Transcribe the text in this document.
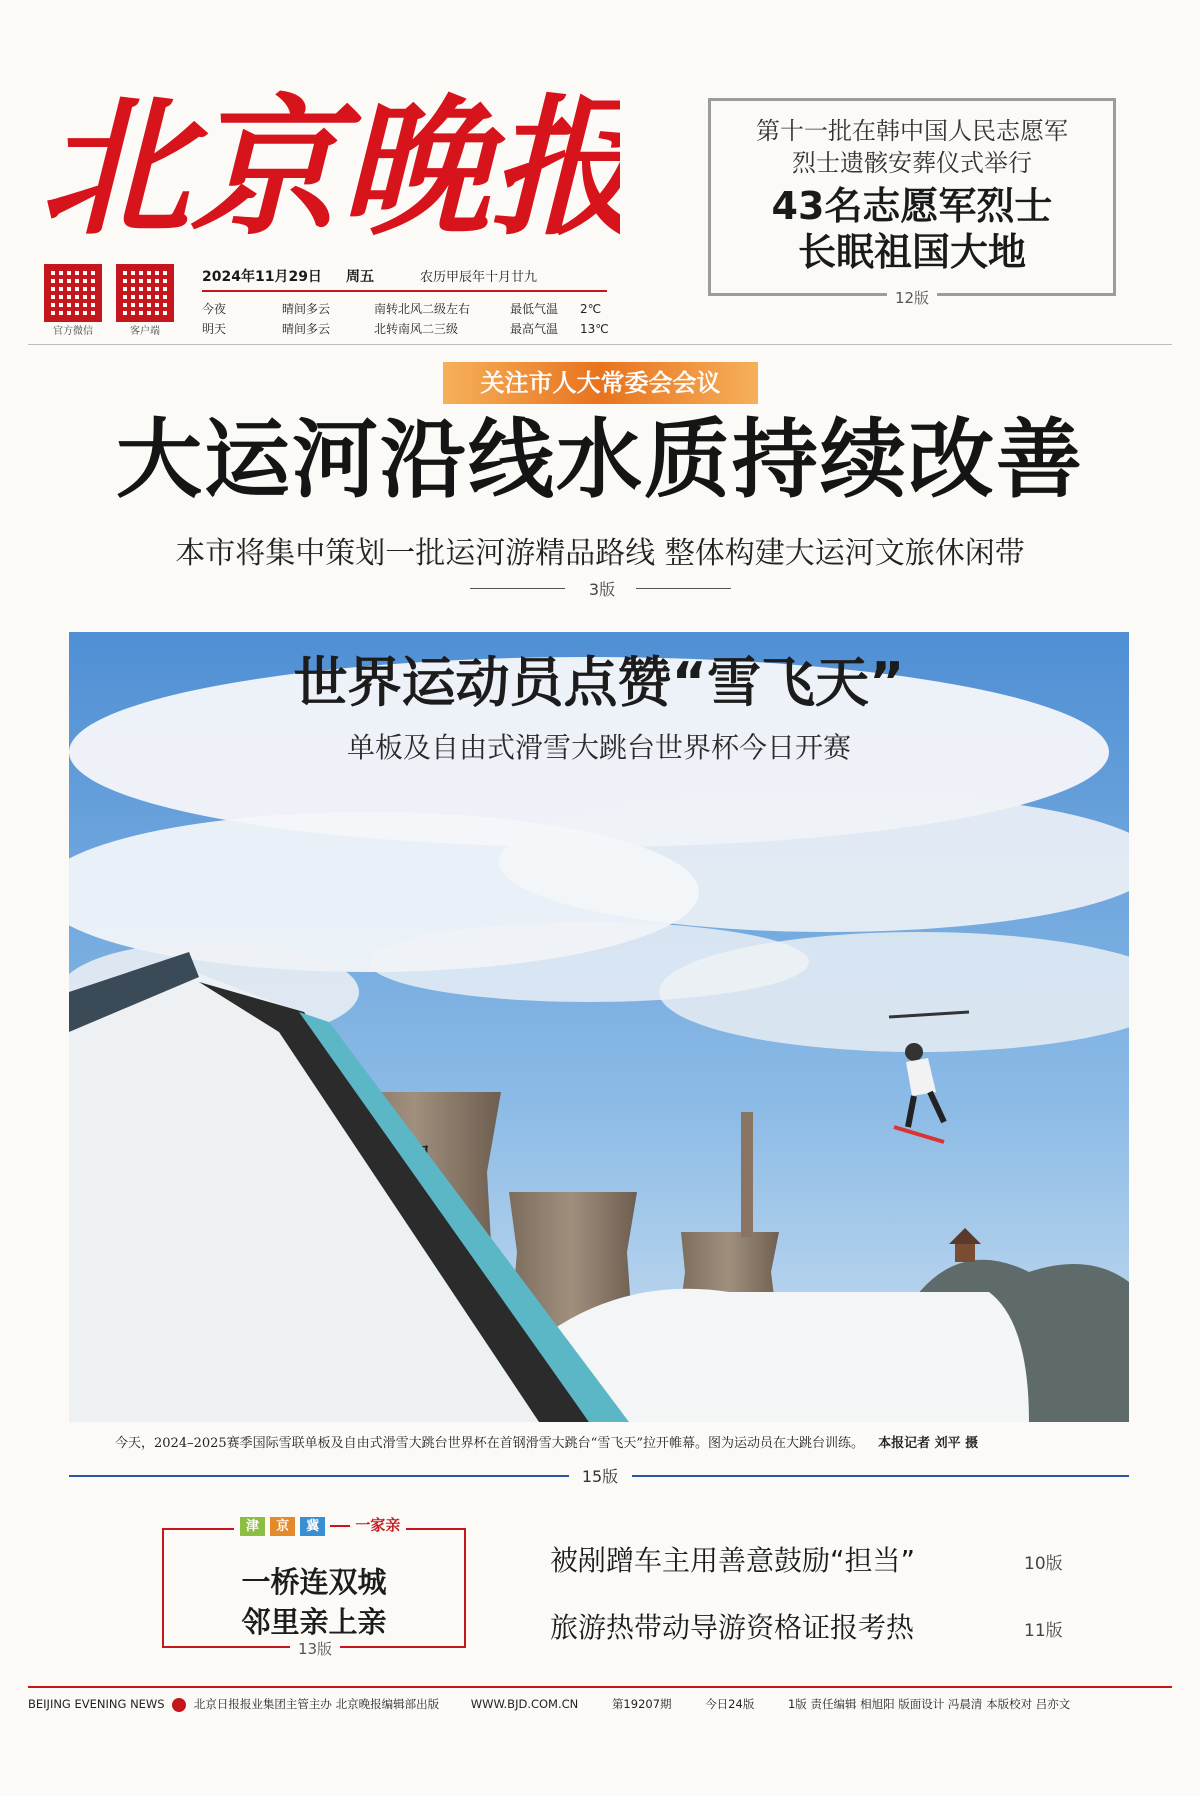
北京晚报
官方微信	客户端
2024年11月29日 周五	农历甲辰年十月廿九
今夜	晴间多云	南转北风二级左右	最低气温 2℃
明天	晴间多云	北转南风二三级	最高气温 13℃
第十一批在韩中国人民志愿军
烈士遗骸安葬仪式举行
43名志愿军烈士
长眠祖国大地
12版
关注市人大常委会会议
大运河沿线水质持续改善
本市将集中策划一批运河游精品路线 整体构建大运河文旅休闲带
3版
世界运动员点赞“雪飞天”
单板及自由式滑雪大跳台世界杯今日开赛
今天，2024–2025赛季国际雪联单板及自由式滑雪大跳台世界杯在首钢滑雪大跳台“雪飞天”拉开帷幕。图为运动员在大跳台训练。 本报记者 刘平 摄
15版
一桥连双城
邻里亲上亲
津 京 冀 一家亲
13版
被剐蹭车主用善意鼓励“担当”	10版
旅游热带动导游资格证报考热	11版
BEIJING EVENING NEWS	北京日报报业集团主管主办 北京晚报编辑部出版	WWW.BJD.COM.CN	第19207期	今日24版	1版 责任编辑 相旭阳 版面设计 冯晨清 本版校对 吕亦文
